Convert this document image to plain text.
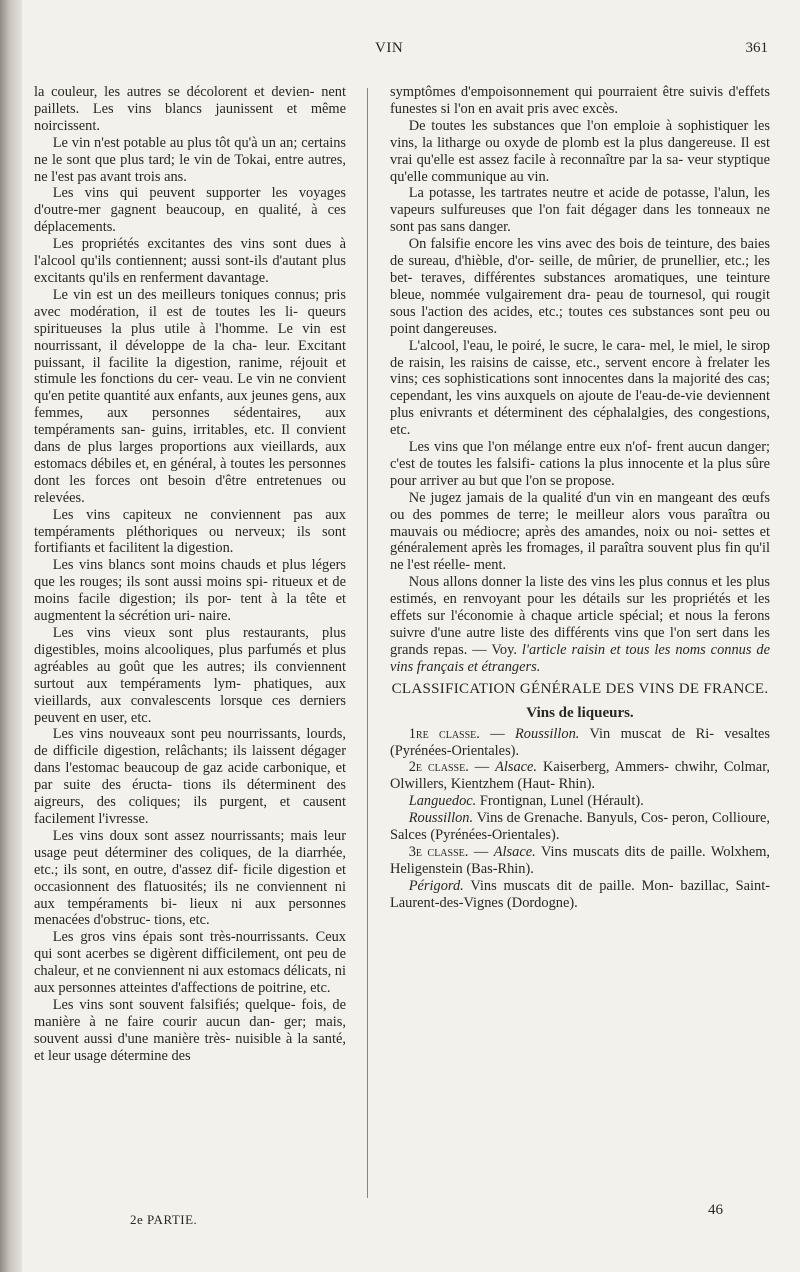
VIN	361

la couleur, les autres se décolorent et devien- nent paillets. Les vins blancs jaunissent et même noircissent.

Le vin n'est potable au plus tôt qu'à un an; certains ne le sont que plus tard; le vin de Tokai, entre autres, ne l'est pas avant trois ans.

Les vins qui peuvent supporter les voyages d'outre-mer gagnent beaucoup, en qualité, à ces déplacements.

Les propriétés excitantes des vins sont dues à l'alcool qu'ils contiennent; aussi sont-ils d'autant plus excitants qu'ils en renferment davantage.

Le vin est un des meilleurs toniques connus; pris avec modération, il est de toutes les li- queurs spiritueuses la plus utile à l'homme. Le vin est nourrissant, il développe de la cha- leur. Excitant puissant, il facilite la digestion, ranime, réjouit et stimule les fonctions du cer- veau. Le vin ne convient qu'en petite quantité aux enfants, aux jeunes gens, aux femmes, aux personnes sédentaires, aux tempéraments san- guins, irritables, etc. Il convient dans de plus larges proportions aux vieillards, aux estomacs débiles et, en général, à toutes les personnes dont les forces ont besoin d'être entretenues ou relevées.

Les vins capiteux ne conviennent pas aux tempéraments pléthoriques ou nerveux; ils sont fortifiants et facilitent la digestion.

Les vins blancs sont moins chauds et plus légers que les rouges; ils sont aussi moins spi- ritueux et de moins facile digestion; ils por- tent à la tête et augmentent la sécrétion uri- naire.

Les vins vieux sont plus restaurants, plus digestibles, moins alcooliques, plus parfumés et plus agréables au goût que les autres; ils conviennent surtout aux tempéraments lym- phatiques, aux vieillards, aux convalescents lorsque ces derniers peuvent en user, etc.

Les vins nouveaux sont peu nourrissants, lourds, de difficile digestion, relâchants; ils laissent dégager dans l'estomac beaucoup de gaz acide carbonique, et par suite des éructa- tions ils déterminent des aigreurs, des coliques; ils purgent, et causent facilement l'ivresse.

Les vins doux sont assez nourrissants; mais leur usage peut déterminer des coliques, de la diarrhée, etc.; ils sont, en outre, d'assez dif- ficile digestion et occasionnent des flatuosités; ils ne conviennent ni aux tempéraments bi- lieux ni aux personnes menacées d'obstruc- tions, etc.

Les gros vins épais sont très-nourrissants. Ceux qui sont acerbes se digèrent difficilement, ont peu de chaleur, et ne conviennent ni aux estomacs délicats, ni aux personnes atteintes d'affections de poitrine, etc.

Les vins sont souvent falsifiés; quelque- fois, de manière à ne faire courir aucun dan- ger; mais, souvent aussi d'une manière très- nuisible à la santé, et leur usage détermine des

symptômes d'empoisonnement qui pourraient être suivis d'effets funestes si l'on en avait pris avec excès.

De toutes les substances que l'on emploie à sophistiquer les vins, la litharge ou oxyde de plomb est la plus dangereuse. Il est vrai qu'elle est assez facile à reconnaître par la sa- veur styptique qu'elle communique au vin.

La potasse, les tartrates neutre et acide de potasse, l'alun, les vapeurs sulfureuses que l'on fait dégager dans les tonneaux ne sont pas sans danger.

On falsifie encore les vins avec des bois de teinture, des baies de sureau, d'hièble, d'or- seille, de mûrier, de prunellier, etc.; les bet- teraves, différentes substances aromatiques, une teinture bleue, nommée vulgairement dra- peau de tournesol, qui rougit sous l'action des acides, etc.; toutes ces substances sont peu ou point dangereuses.

L'alcool, l'eau, le poiré, le sucre, le cara- mel, le miel, le sirop de raisin, les raisins de caisse, etc., servent encore à frelater les vins; ces sophistications sont innocentes dans la majorité des cas; cependant, les vins auxquels on ajoute de l'eau-de-vie deviennent plus enivrants et déterminent des céphalalgies, des congestions, etc.

Les vins que l'on mélange entre eux n'of- frent aucun danger; c'est de toutes les falsifi- cations la plus innocente et la plus sûre pour arriver au but que l'on se propose.

Ne jugez jamais de la qualité d'un vin en mangeant des œufs ou des pommes de terre; le meilleur alors vous paraîtra ou mauvais ou médiocre; après des amandes, noix ou noi- settes et généralement après les fromages, il paraîtra souvent plus fin qu'il ne l'est réelle- ment.

Nous allons donner la liste des vins les plus connus et les plus estimés, en renvoyant pour les détails sur les propriétés et les effets sur l'économie à chaque article spécial; et nous la ferons suivre d'une autre liste des différents vins que l'on sert dans les grands repas. — Voy. l'article raisin et tous les noms connus de vins français et étrangers.

CLASSIFICATION GÉNÉRALE DES VINS DE FRANCE.
Vins de liqueurs.

1re classe. — Roussillon. Vin muscat de Ri- vesaltes (Pyrénées-Orientales).

2e classe. — Alsace. Kaiserberg, Ammers- chwihr, Colmar, Olwillers, Kientzhem (Haut- Rhin).

Languedoc. Frontignan, Lunel (Hérault).

Roussillon. Vins de Grenache. Banyuls, Cos- peron, Collioure, Salces (Pyrénées-Orientales).

3e classe. — Alsace. Vins muscats dits de paille. Wolxhem, Heligenstein (Bas-Rhin).

Périgord. Vins muscats dit de paille. Mon- bazillac, Saint-Laurent-des-Vignes (Dordogne).

2e PARTIE.
46
